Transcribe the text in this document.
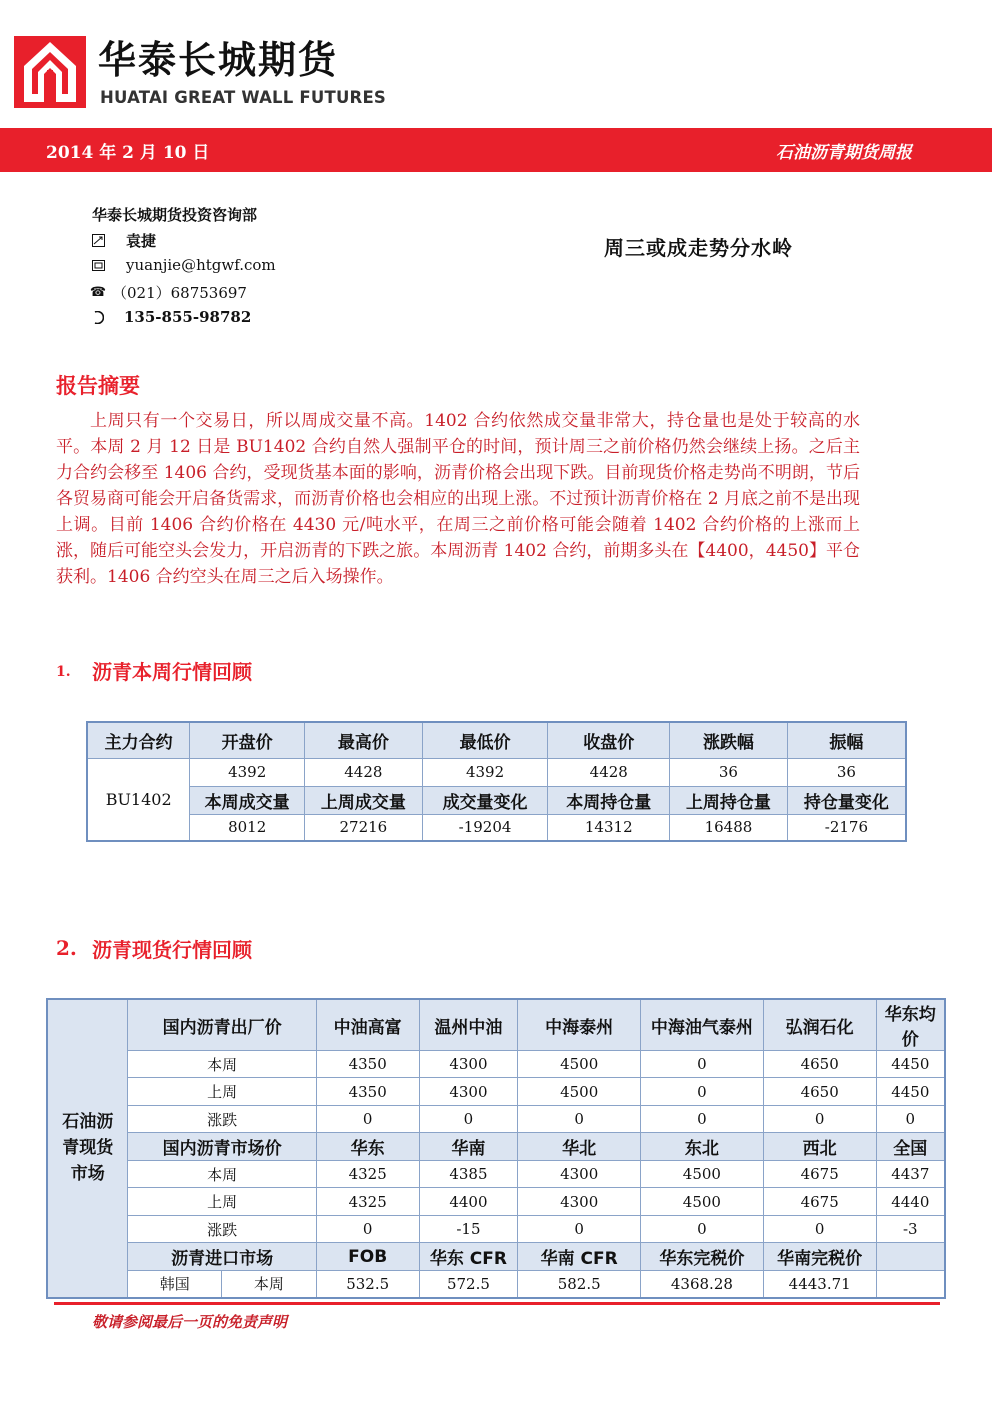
华泰长城期货
HUATAI GREAT WALL FUTURES
2014 年 2 月 10 日	石油沥青期货周报
华泰长城期货投资咨询部
袁捷
yuanjie@htgwf.com
☎ （021）68753697
135-855-98782
周三或成走势分水岭
报告摘要

上周只有一个交易日，所以周成交量不高。1402 合约依然成交量非常大，持仓量也是处于较高的水平。本周 2 月 12 日是 BU1402 合约自然人强制平仓的时间，预计周三之前价格仍然会继续上扬。之后主力合约会移至 1406 合约，受现货基本面的影响，沥青价格会出现下跌。目前现货价格走势尚不明朗，节后各贸易商可能会开启备货需求，而沥青价格也会相应的出现上涨。不过预计沥青价格在 2 月底之前不是出现上调。目前 1406 合约价格在 4430 元/吨水平，在周三之前价格可能会随着 1402 合约价格的上涨而上涨，随后可能空头会发力，开启沥青的下跌之旅。本周沥青 1402 合约，前期多头在【4400，4450】平仓获利。1406 合约空头在周三之后入场操作。

1. 沥青本周行情回顾
主力合约	开盘价	最高价	最低价	收盘价	涨跌幅	振幅
BU1402	4392	4428	4392	4428	36	36
	本周成交量	上周成交量	成交量变化	本周持仓量	上周持仓量	持仓量变化
	8012	27216	-19204	14312	16488	-2176
2. 沥青现货行情回顾
石油沥青现货市场	国内沥青出厂价		中油高富	温州中油	中海泰州	中海油气泰州	弘润石化	华东均价
	本周		4350	4300	4500	0	4650	4450
	上周		4350	4300	4500	0	4650	4450
	涨跌		0	0	0	0	0	0
	国内沥青市场价		华东	华南	华北	东北	西北	全国
	本周		4325	4385	4300	4500	4675	4437
	上周		4325	4400	4300	4500	4675	4440
	涨跌		0	-15	0	0	0	-3
	沥青进口市场		FOB	华东 CFR	华南 CFR	华东完税价	华南完税价	
	韩国	本周	532.5	572.5	582.5	4368.28	4443.71	
敬请参阅最后一页的免责声明
